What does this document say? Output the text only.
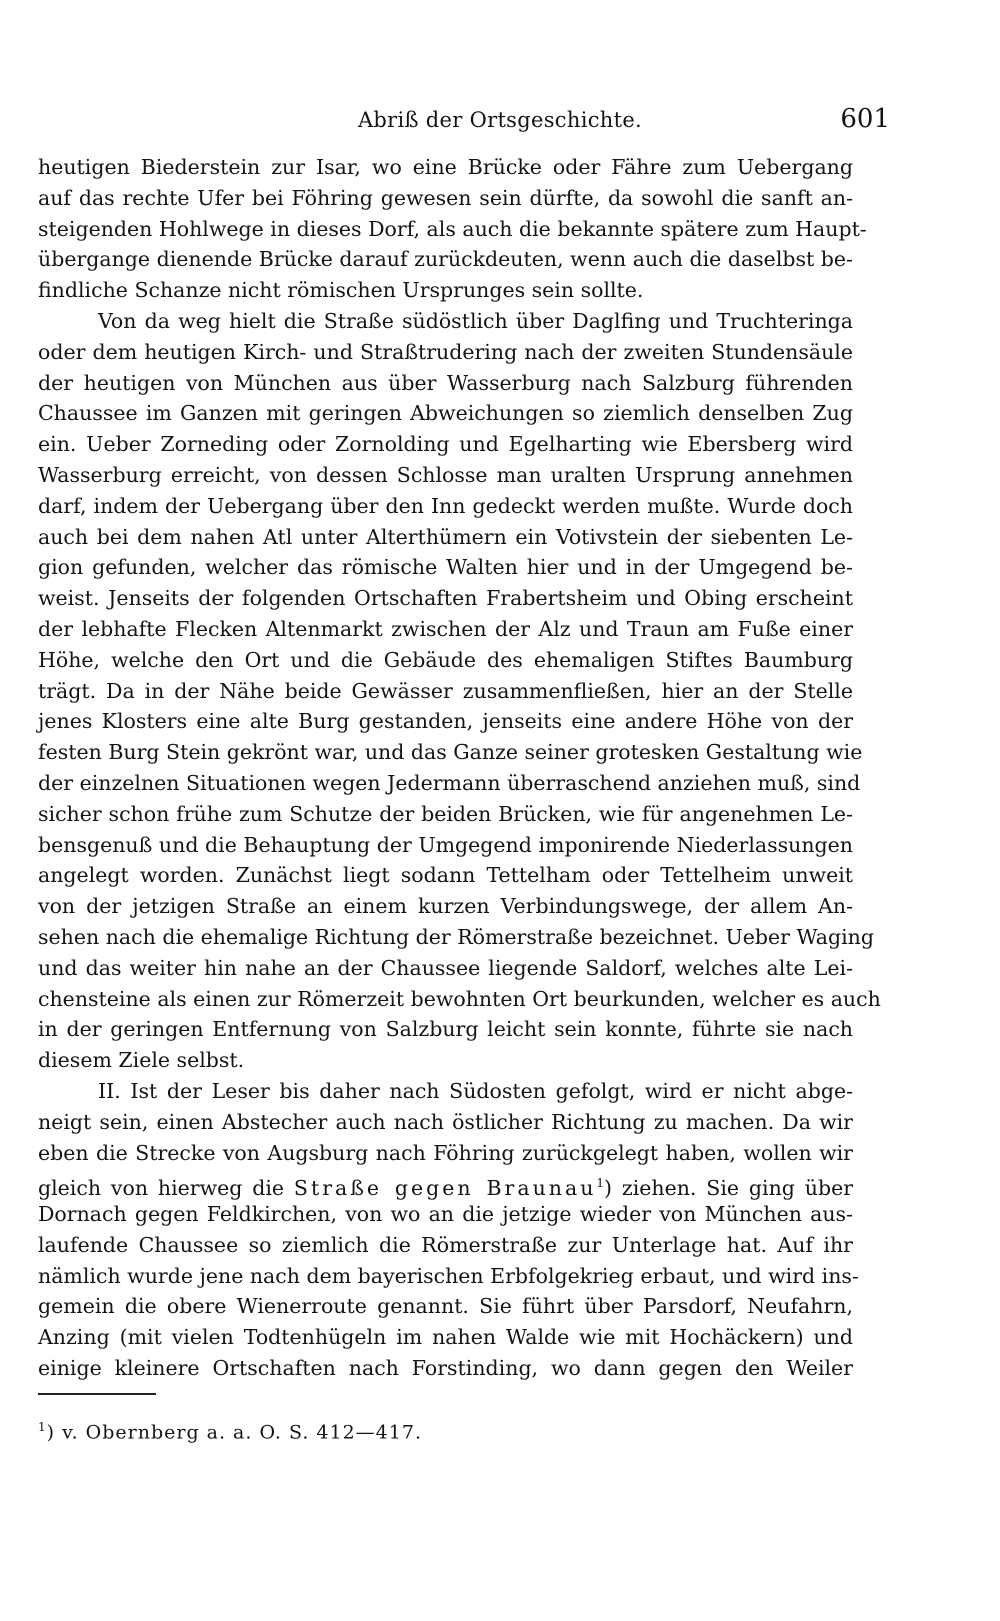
Abriß der Ortsgeschichte.	601
heutigen Biederstein zur Isar, wo eine Brücke oder Fähre zum Uebergang
auf das rechte Ufer bei Föhring gewesen sein dürfte, da sowohl die sanft an-
steigenden Hohlwege in dieses Dorf, als auch die bekannte spätere zum Haupt-
übergange dienende Brücke darauf zurückdeuten, wenn auch die daselbst be-
findliche Schanze nicht römischen Ursprunges sein sollte.
Von da weg hielt die Straße südöstlich über Daglfing und Truchteringa
oder dem heutigen Kirch- und Straßtrudering nach der zweiten Stundensäule
der heutigen von München aus über Wasserburg nach Salzburg führenden
Chaussee im Ganzen mit geringen Abweichungen so ziemlich denselben Zug
ein. Ueber Zorneding oder Zornolding und Egelharting wie Ebersberg wird
Wasserburg erreicht, von dessen Schlosse man uralten Ursprung annehmen
darf, indem der Uebergang über den Inn gedeckt werden mußte. Wurde doch
auch bei dem nahen Atl unter Alterthümern ein Votivstein der siebenten Le-
gion gefunden, welcher das römische Walten hier und in der Umgegend be-
weist. Jenseits der folgenden Ortschaften Frabertsheim und Obing erscheint
der lebhafte Flecken Altenmarkt zwischen der Alz und Traun am Fuße einer
Höhe, welche den Ort und die Gebäude des ehemaligen Stiftes Baumburg
trägt. Da in der Nähe beide Gewässer zusammenfließen, hier an der Stelle
jenes Klosters eine alte Burg gestanden, jenseits eine andere Höhe von der
festen Burg Stein gekrönt war, und das Ganze seiner grotesken Gestaltung wie
der einzelnen Situationen wegen Jedermann überraschend anziehen muß, sind
sicher schon frühe zum Schutze der beiden Brücken, wie für angenehmen Le-
bensgenuß und die Behauptung der Umgegend imponirende Niederlassungen
angelegt worden. Zunächst liegt sodann Tettelham oder Tettelheim unweit
von der jetzigen Straße an einem kurzen Verbindungswege, der allem An-
sehen nach die ehemalige Richtung der Römerstraße bezeichnet. Ueber Waging
und das weiter hin nahe an der Chaussee liegende Saldorf, welches alte Lei-
chensteine als einen zur Römerzeit bewohnten Ort beurkunden, welcher es auch
in der geringen Entfernung von Salzburg leicht sein konnte, führte sie nach
diesem Ziele selbst.
II. Ist der Leser bis daher nach Südosten gefolgt, wird er nicht abge-
neigt sein, einen Abstecher auch nach östlicher Richtung zu machen. Da wir
eben die Strecke von Augsburg nach Föhring zurückgelegt haben, wollen wir
gleich von hierweg die Straße gegen Braunau$^1$) ziehen. Sie ging über
Dornach gegen Feldkirchen, von wo an die jetzige wieder von München aus-
laufende Chaussee so ziemlich die Römerstraße zur Unterlage hat. Auf ihr
nämlich wurde jene nach dem bayerischen Erbfolgekrieg erbaut, und wird ins-
gemein die obere Wienerroute genannt. Sie führt über Parsdorf, Neufahrn,
Anzing (mit vielen Todtenhügeln im nahen Walde wie mit Hochäckern) und
einige kleinere Ortschaften nach Forstinding, wo dann gegen den Weiler
$^1$) v. Obernberg a. a. O. S. 412—417.
